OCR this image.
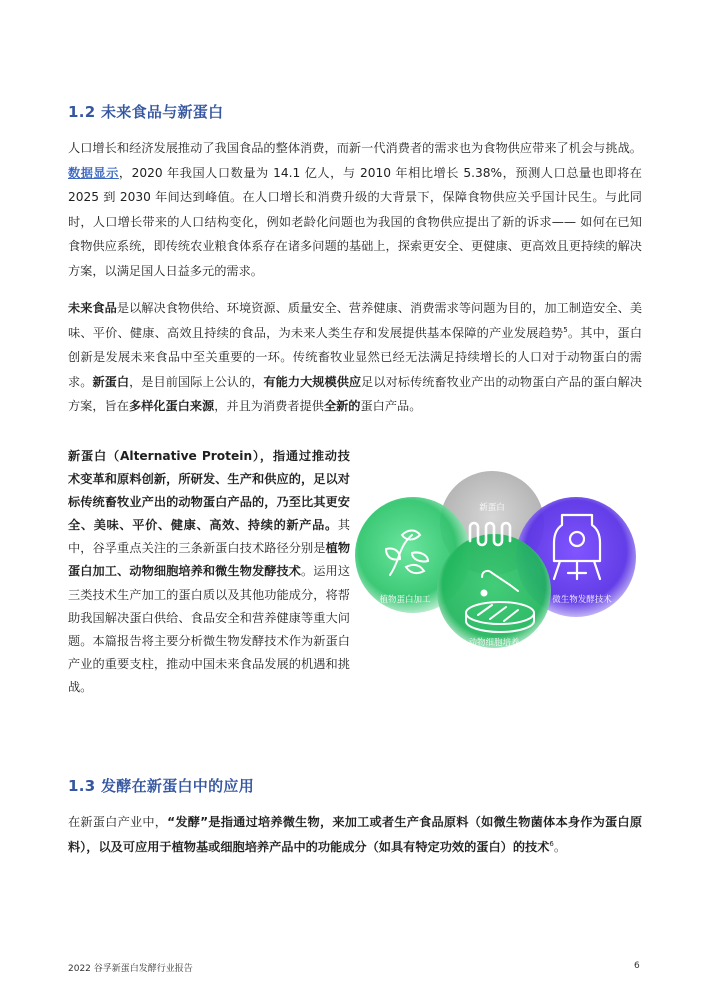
1.2 未来食品与新蛋白

人口增长和经济发展推动了我国食品的整体消费，而新一代消费者的需求也为食物供应带来了机会与挑战。数据显示，2020 年我国人口数量为 14.1 亿人，与 2010 年相比增长 5.38%，预测人口总量也即将在 2025 到 2030 年间达到峰值。在人口增长和消费升级的大背景下，保障食物供应关乎国计民生。与此同时，人口增长带来的人口结构变化，例如老龄化问题也为我国的食物供应提出了新的诉求—— 如何在已知食物供应系统，即传统农业粮食体系存在诸多问题的基础上，探索更安全、更健康、更高效且更持续的解决方案，以满足国人日益多元的需求。

未来食品是以解决食物供给、环境资源、质量安全、营养健康、消费需求等问题为目的，加工制造安全、美味、平价、健康、高效且持续的食品，为未来人类生存和发展提供基本保障的产业发展趋势$^5$。其中，蛋白创新是发展未来食品中至关重要的一环。传统畜牧业显然已经无法满足持续增长的人口对于动物蛋白的需求。新蛋白，是目前国际上公认的，有能力大规模供应足以对标传统畜牧业产出的动物蛋白产品的蛋白解决方案，旨在多样化蛋白来源，并且为消费者提供全新的蛋白产品。

新蛋白（Alternative Protein），指通过推动技术变革和原料创新，所研发、生产和供应的，足以对标传统畜牧业产出的动物蛋白产品的，乃至比其更安全、美味、平价、健康、高效、持续的新产品。其中，谷孚重点关注的三条新蛋白技术路径分别是植物蛋白加工、动物细胞培养和微生物发酵技术。运用这三类技术生产加工的蛋白质以及其他功能成分，将帮助我国解决蛋白供给、食品安全和营养健康等重大问题。本篇报告将主要分析微生物发酵技术作为新蛋白产业的重要支柱，推动中国未来食品发展的机遇和挑战。

新蛋白
植物蛋白加工	微生物发酵技术
动物细胞培养
1.3 发酵在新蛋白中的应用

在新蛋白产业中，“发酵”是指通过培养微生物，来加工或者生产食品原料（如微生物菌体本身作为蛋白原料），以及可应用于植物基或细胞培养产品中的功能成分（如具有特定功效的蛋白）的技术$^6$。

2022 谷孚新蛋白发酵行业报告	6
